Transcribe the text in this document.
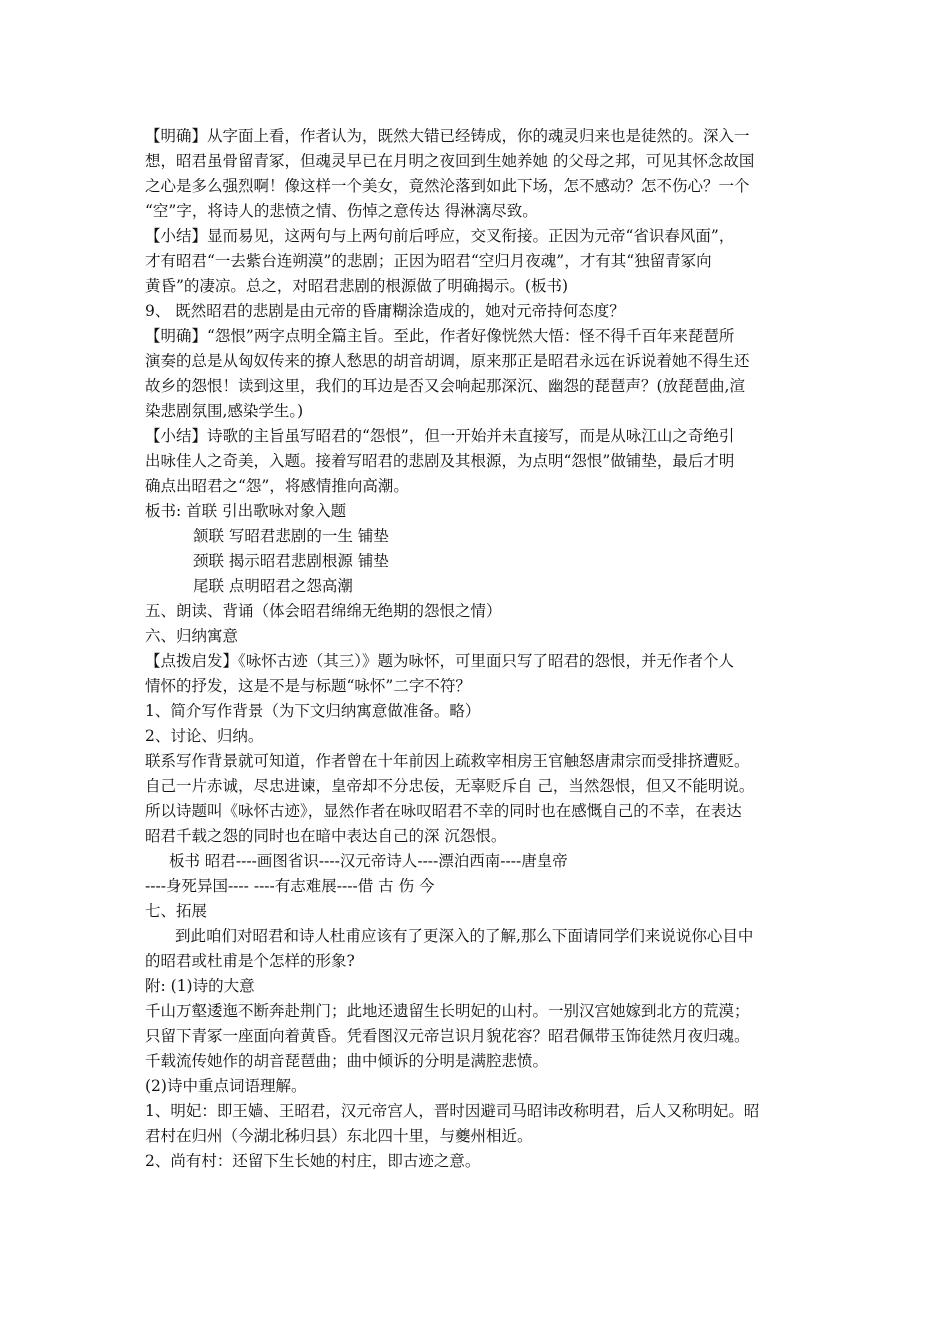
【明确】从字面上看，作者认为，既然大错已经铸成，你的魂灵归来也是徒然的。深入一
想，昭君虽骨留青冢，但魂灵早已在月明之夜回到生她养她 的父母之邦，可见其怀念故国
之心是多么强烈啊！像这样一个美女，竟然沦落到如此下场，怎不感动？怎不伤心？一个
“空”字，将诗人的悲愤之情、伤悼之意传达 得淋漓尽致。
【小结】显而易见，这两句与上两句前后呼应，交叉衔接。正因为元帝“省识春风面”，
才有昭君“一去紫台连朔漠”的悲剧；正因为昭君“空归月夜魂”，才有其“独留青冢向
黄昏”的凄凉。总之，对昭君悲剧的根源做了明确揭示。(板书)
9、 既然昭君的悲剧是由元帝的昏庸糊涂造成的，她对元帝持何态度？
【明确】“怨恨”两字点明全篇主旨。至此，作者好像恍然大悟：怪不得千百年来琵琶所
演奏的总是从匈奴传来的撩人愁思的胡音胡调，原来那正是昭君永远在诉说着她不得生还
故乡的怨恨！读到这里，我们的耳边是否又会响起那深沉、幽怨的琵琶声？(放琵琶曲,渲
染悲剧氛围,感染学生。)
【小结】诗歌的主旨虽写昭君的“怨恨”，但一开始并未直接写，而是从咏江山之奇绝引
出咏佳人之奇美，入题。接着写昭君的悲剧及其根源，为点明“怨恨”做铺垫，最后才明
确点出昭君之“怨”，将感情推向高潮。
板书: 首联 引出歌咏对象入题
颔联 写昭君悲剧的一生 铺垫
颈联 揭示昭君悲剧根源 铺垫
尾联 点明昭君之怨高潮
五、朗读、背诵（体会昭君绵绵无绝期的怨恨之情）
六、归纳寓意
【点拨启发】《咏怀古迹（其三）》题为咏怀，可里面只写了昭君的怨恨，并无作者个人
情怀的抒发，这是不是与标题“咏怀”二字不符？
1、简介写作背景（为下文归纳寓意做准备。略）
2、讨论、归纳。
联系写作背景就可知道，作者曾在十年前因上疏救宰相房王官触怒唐肃宗而受排挤遭贬。
自己一片赤诚，尽忠进谏，皇帝却不分忠佞，无辜贬斥自 己，当然怨恨，但又不能明说。
所以诗题叫《咏怀古迹》，显然作者在咏叹昭君不幸的同时也在感慨自己的不幸，在表达
昭君千载之怨的同时也在暗中表达自己的深 沉怨恨。
板书 昭君----画图省识----汉元帝诗人----漂泊西南----唐皇帝
----身死异国---- ----有志难展----借 古 伤 今
七、拓展
到此咱们对昭君和诗人杜甫应该有了更深入的了解,那么下面请同学们来说说你心目中
的昭君或杜甫是个怎样的形象?
附: (1)诗的大意
千山万壑逶迤不断奔赴荆门；此地还遗留生长明妃的山村。一别汉宫她嫁到北方的荒漠；
只留下青冢一座面向着黄昏。凭看图汉元帝岂识月貌花容？昭君佩带玉饰徒然月夜归魂。
千载流传她作的胡音琵琶曲；曲中倾诉的分明是满腔悲愤。
(2)诗中重点词语理解。
1、明妃：即王嫱、王昭君，汉元帝宫人，晋时因避司马昭讳改称明君，后人又称明妃。昭
君村在归州（今湖北秭归县）东北四十里，与夔州相近。
2、尚有村：还留下生长她的村庄，即古迹之意。
